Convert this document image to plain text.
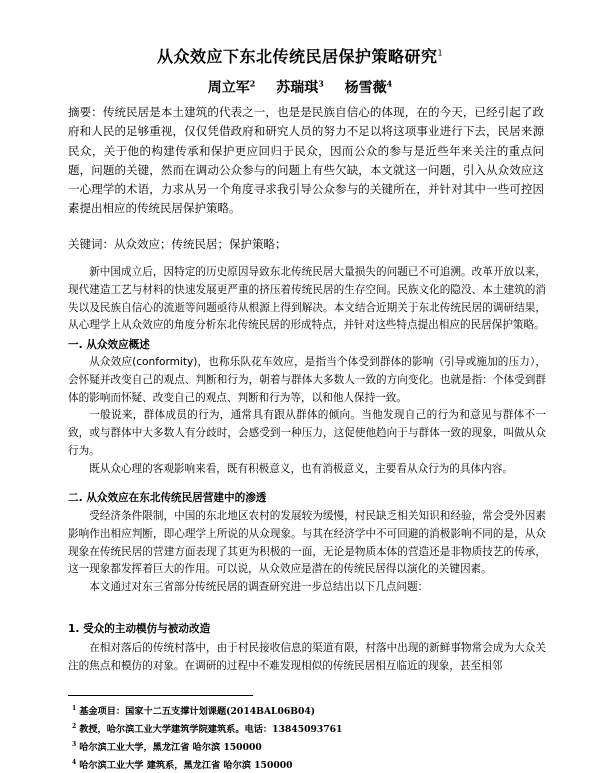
从众效应下东北传统民居保护策略研究$^1$
周立军$^2$ 苏瑞琪$^3$ 杨雪薇$^4$
摘要：传统民居是本土建筑的代表之一，也是是民族自信心的体现，在的今天，已经引起了政府和人民的足够重视，仅仅凭借政府和研究人员的努力不足以将这项事业进行下去，民居来源民众，关于他的构建传承和保护更应回归于民众，因而公众的参与是近些年来关注的重点问题，问题的关键，然而在调动公众参与的问题上有些欠缺，本文就这一问题，引入从众效应这一心理学的术语，力求从另一个角度寻求我引导公众参与的关键所在，并针对其中一些可控因素提出相应的传统民居保护策略。
关键词：从众效应；传统民居；保护策略；

新中国成立后，因特定的历史原因导致东北传统民居大量损失的问题已不可追溯。改革开放以来，现代建造工艺与材料的快速发展更严重的挤压着传统民居的生存空间。民族文化的隐没、本土建筑的消失以及民族自信心的流逝等问题亟待从根源上得到解决。本文结合近期关于东北传统民居的调研结果，从心理学上从众效应的角度分析东北传统民居的形成特点，并针对这些特点提出相应的民居保护策略。

一. 从众效应概述

从众效应(conformity)，也称乐队花车效应，是指当个体受到群体的影响（引导或施加的压力），会怀疑并改变自己的观点、判断和行为，朝着与群体大多数人一致的方向变化。也就是指：个体受到群体的影响而怀疑、改变自己的观点、判断和行为等，以和他人保持一致。

一般说来，群体成员的行为，通常具有跟从群体的倾向。当他发现自己的行为和意见与群体不一致，或与群体中大多数人有分歧时，会感受到一种压力，这促使他趋向于与群体一致的现象，叫做从众行为。

既从众心理的客观影响来看，既有积极意义，也有消极意义，主要看从众行为的具体内容。

二. 从众效应在东北传统民居营建中的渗透

受经济条件限制，中国的东北地区农村的发展较为缓慢，村民缺乏相关知识和经验，常会受外因素影响作出相应判断，即心理学上所说的从众现象。与其在经济学中不可回避的消极影响不同的是，从众现象在传统民居的营建方面表现了其更为积极的一面，无论是物质本体的营造还是非物质技艺的传承，这一现象都发挥着巨大的作用。可以说，从众效应是潜在的传统民居得以演化的关键因素。

本文通过对东三省部分传统民居的调查研究进一步总结出以下几点问题：

1. 受众的主动模仿与被动改造

在相对落后的传统村落中，由于村民接收信息的渠道有限，村落中出现的新鲜事物常会成为大众关注的焦点和模仿的对象。在调研的过程中不难发现相似的传统民居相互临近的现象，甚至相邻

$^1$ 基金项目：国家十二五支撑计划课题(2014BAL06B04)
$^2$ 教授，哈尔滨工业大学建筑学院建筑系。电话：13845093761
$^3$ 哈尔滨工业大学，黑龙江省 哈尔滨 150000
$^4$ 哈尔滨工业大学 建筑系，黑龙江省 哈尔滨 150000
